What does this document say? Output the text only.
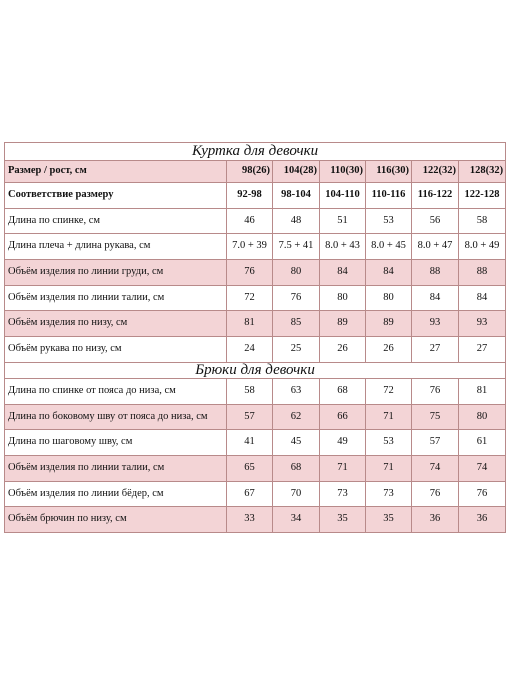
Куртка для девочки						
Размер / рост, см	98(26)	104(28)	110(30)	116(30)	122(32)	128(32)
Соответствие размеру	92-98	98-104	104-110	110-116	116-122	122-128
Длина по спинке, см	46	48	51	53	56	58
Длина плеча + длина рукава, см	7.0 + 39	7.5 + 41	8.0 + 43	8.0 + 45	8.0 + 47	8.0 + 49
Объём изделия по линии груди, см	76	80	84	84	88	88
Объём изделия по линии талии, см	72	76	80	80	84	84
Объём изделия по низу, см	81	85	89	89	93	93
Объём рукава по низу, см	24	25	26	26	27	27
Брюки для девочки						
Длина по спинке от пояса до низа, см	58	63	68	72	76	81
Длина по боковому шву от пояса до низа, см	57	62	66	71	75	80
Длина по шаговому шву, см	41	45	49	53	57	61
Объём изделия по линии талии, см	65	68	71	71	74	74
Объём изделия по линии бёдер, см	67	70	73	73	76	76
Объём брючин по низу, см	33	34	35	35	36	36
